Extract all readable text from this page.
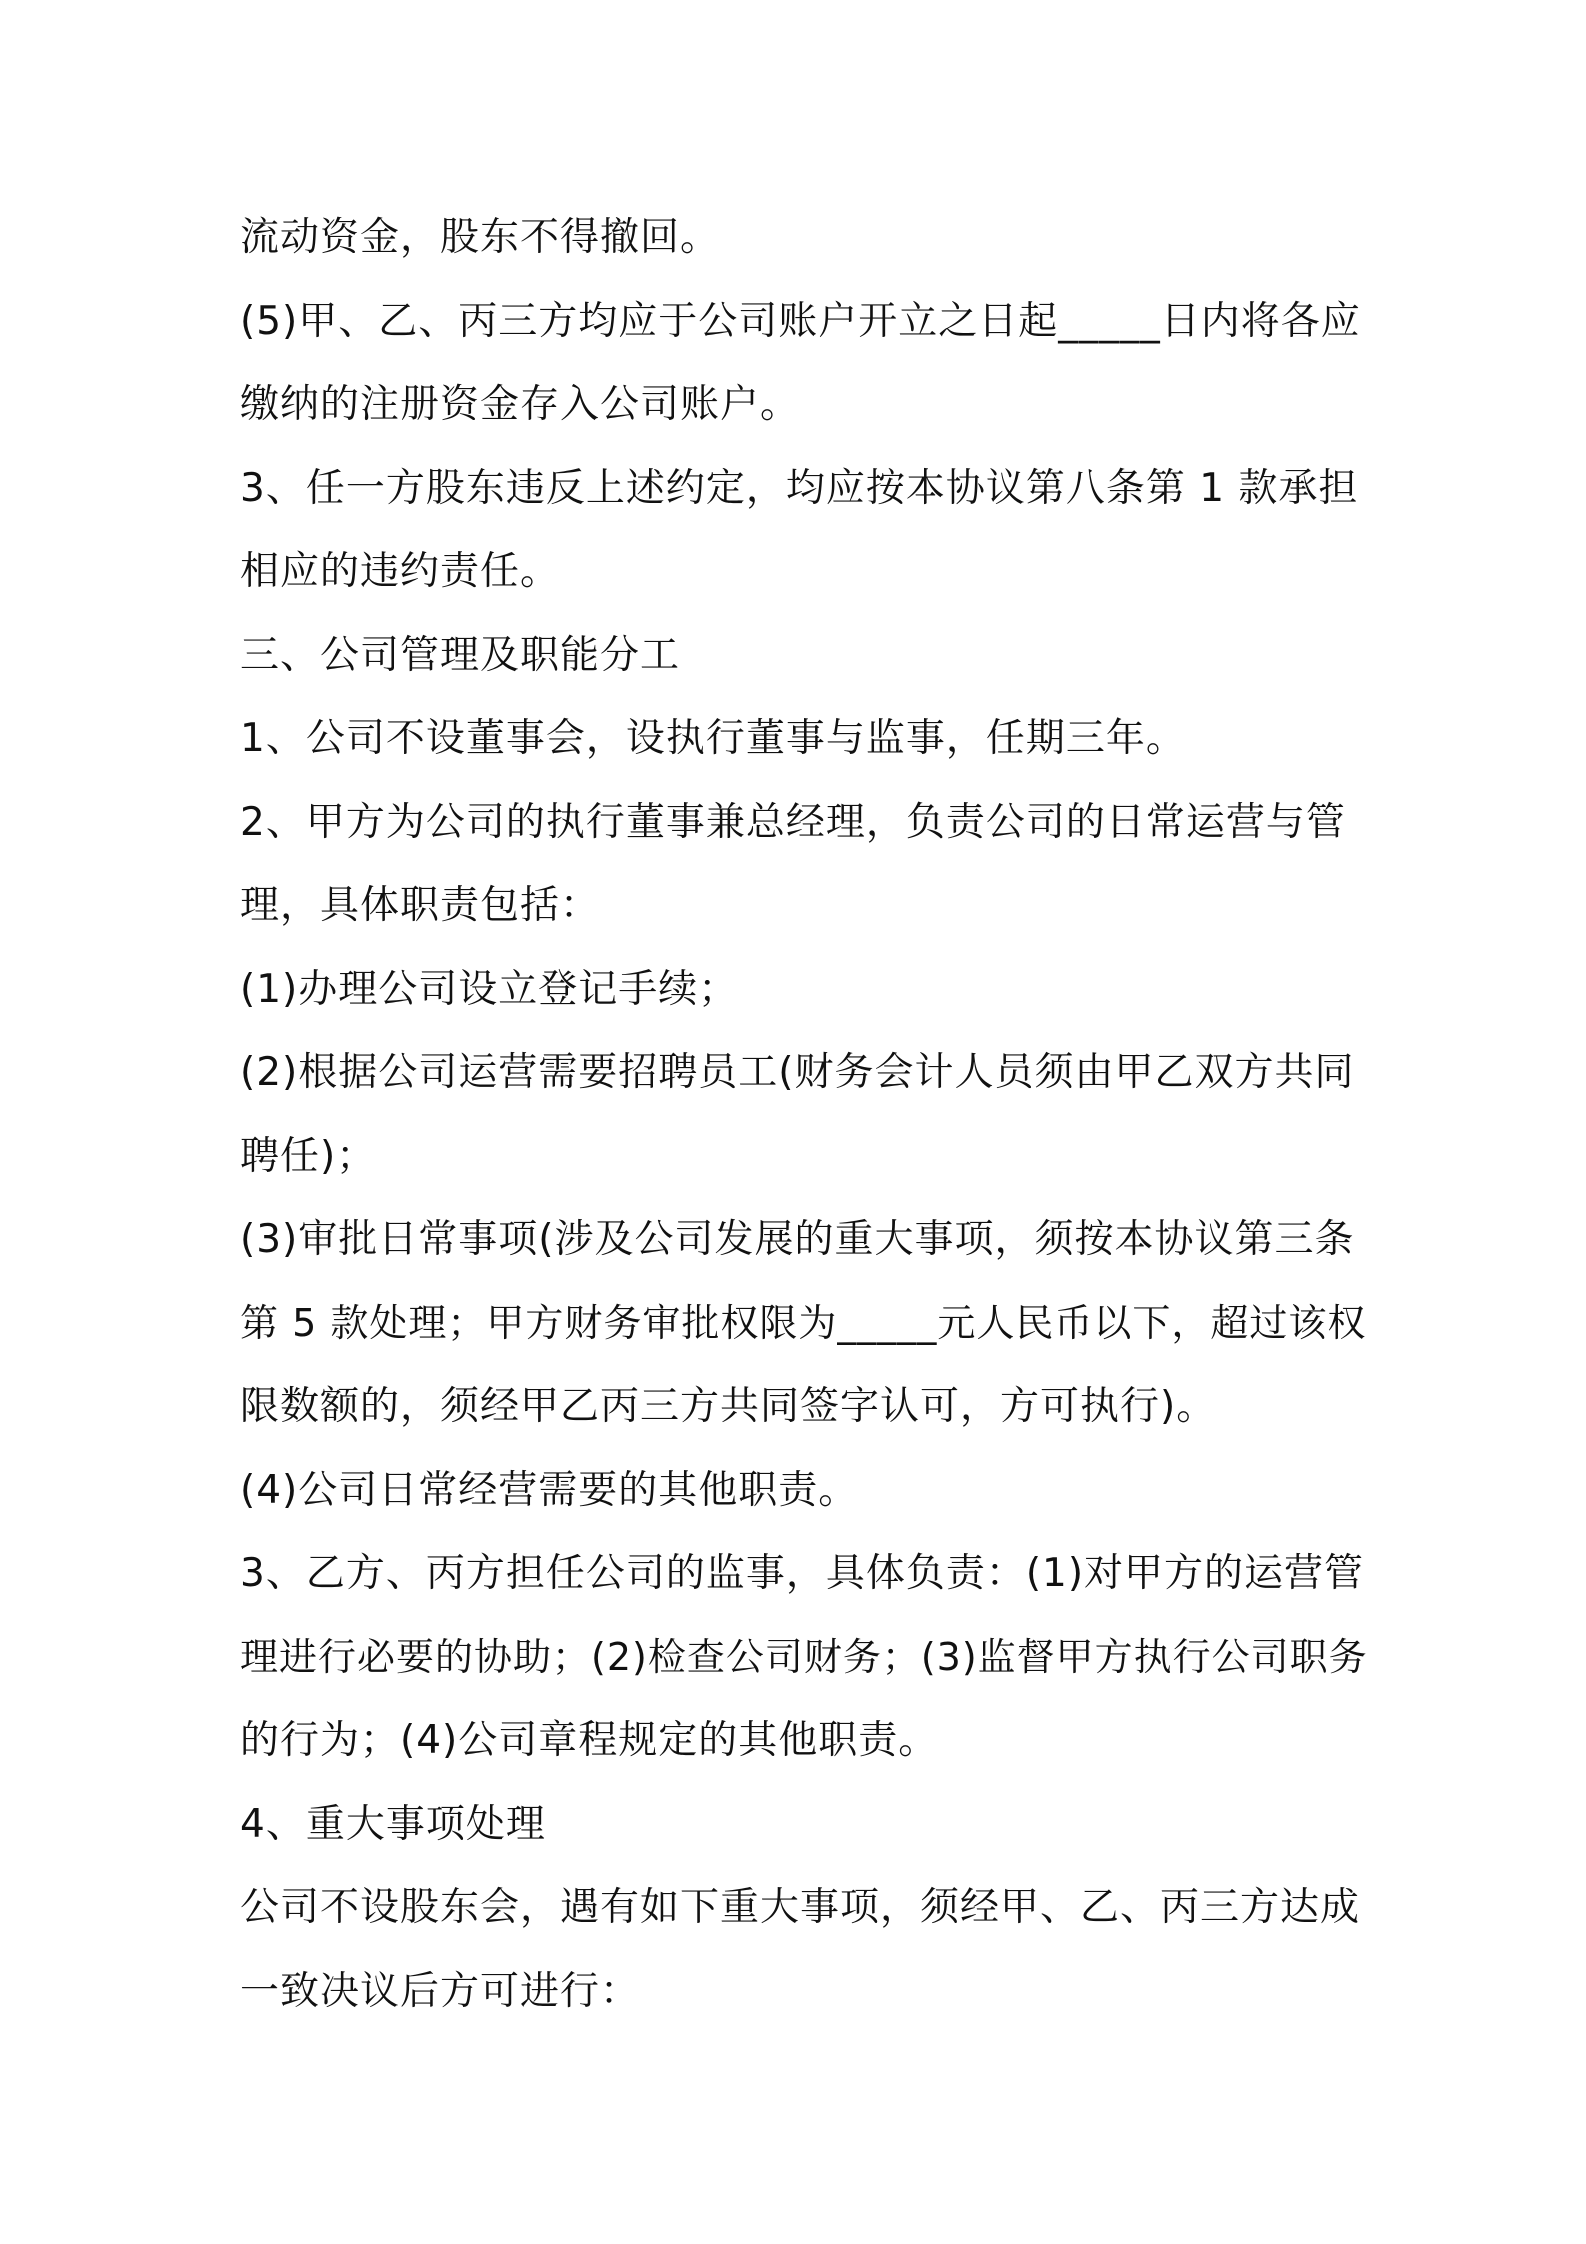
流动资金，股东不得撤回。
(5)甲、乙、丙三方均应于公司账户开立之日起_____日内将各应
缴纳的注册资金存入公司账户。
3、任一方股东违反上述约定，均应按本协议第八条第 1 款承担
相应的违约责任。
三、公司管理及职能分工
1、公司不设董事会，设执行董事与监事，任期三年。
2、甲方为公司的执行董事兼总经理，负责公司的日常运营与管
理，具体职责包括：
(1)办理公司设立登记手续；
(2)根据公司运营需要招聘员工(财务会计人员须由甲乙双方共同
聘任)；
(3)审批日常事项(涉及公司发展的重大事项，须按本协议第三条
第 5 款处理；甲方财务审批权限为_____元人民币以下，超过该权
限数额的，须经甲乙丙三方共同签字认可，方可执行)。
(4)公司日常经营需要的其他职责。
3、乙方、丙方担任公司的监事，具体负责：(1)对甲方的运营管
理进行必要的协助；(2)检查公司财务；(3)监督甲方执行公司职务
的行为；(4)公司章程规定的其他职责。
4、重大事项处理
公司不设股东会，遇有如下重大事项，须经甲、乙、丙三方达成
一致决议后方可进行：
